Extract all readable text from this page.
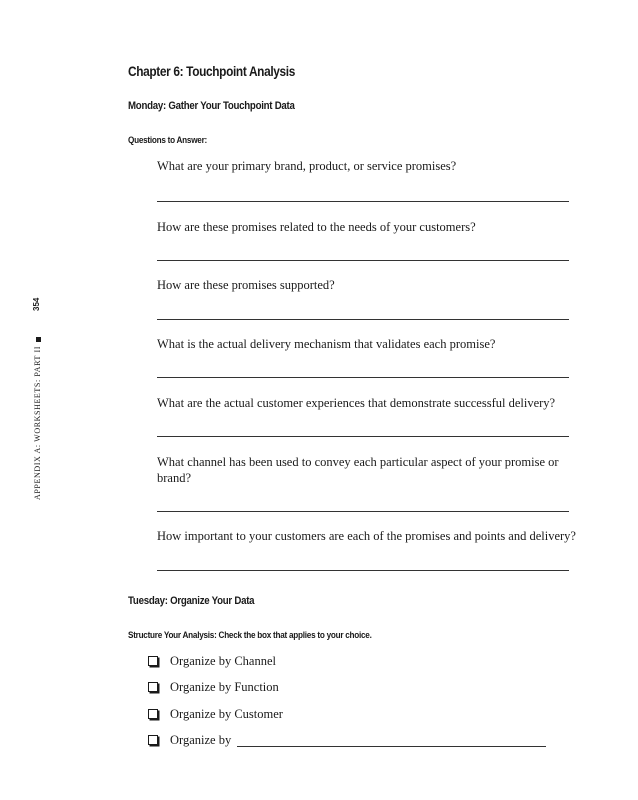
354
APPENDIX A: WORKSHEETS: PART II
Chapter 6: Touchpoint Analysis
Monday: Gather Your Touchpoint Data
Questions to Answer:
What are your primary brand, product, or service promises?
How are these promises related to the needs of your customers?
How are these promises supported?
What is the actual delivery mechanism that validates each promise?
What are the actual customer experiences that demonstrate successful delivery?
What channel has been used to convey each particular aspect of your promise or brand?
How important to your customers are each of the promises and points and delivery?
Tuesday: Organize Your Data
Structure Your Analysis: Check the box that applies to your choice.
Organize by Channel
Organize by Function
Organize by Customer
Organize by
